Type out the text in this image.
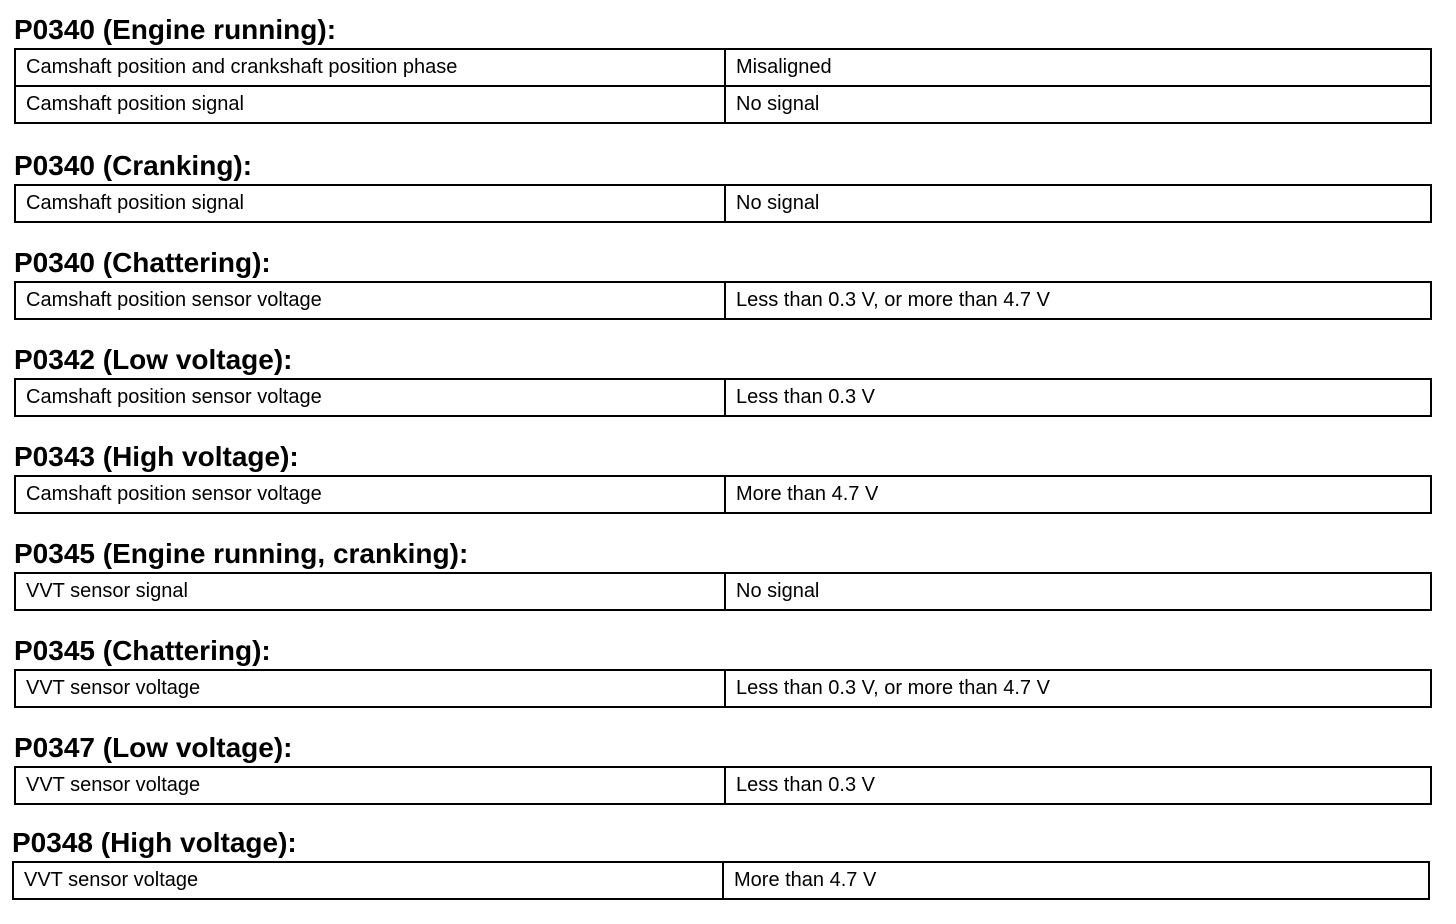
P0340 (Engine running):
Camshaft position and crankshaft position phase	Misaligned
Camshaft position signal	No signal
P0340 (Cranking):
Camshaft position signal	No signal
P0340 (Chattering):
Camshaft position sensor voltage	Less than 0.3 V, or more than 4.7 V
P0342 (Low voltage):
Camshaft position sensor voltage	Less than 0.3 V
P0343 (High voltage):
Camshaft position sensor voltage	More than 4.7 V
P0345 (Engine running, cranking):
VVT sensor signal	No signal
P0345 (Chattering):
VVT sensor voltage	Less than 0.3 V, or more than 4.7 V
P0347 (Low voltage):
VVT sensor voltage	Less than 0.3 V
P0348 (High voltage):
VVT sensor voltage	More than 4.7 V
